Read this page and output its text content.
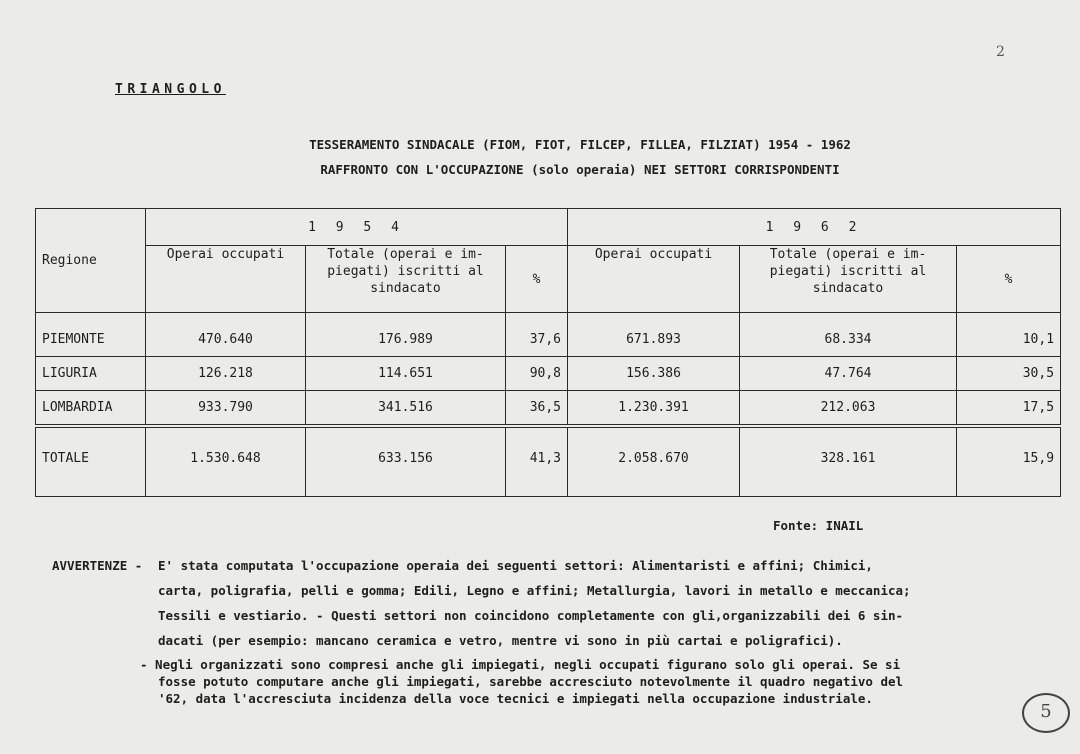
2
TRIANGOLO
TESSERAMENTO SINDACALE (FIOM, FIOT, FILCEP, FILLEA, FILZIAT) 1954 - 1962
RAFFRONTO CON L'OCCUPAZIONE (solo operaia) NEI SETTORI CORRISPONDENTI
Regione	1 9 5 4			1 9 6 2		
	Operai occupati	Totale (operai e im-
piegati) iscritti al
sindacato	%	Operai occupati	Totale (operai e im-
piegati) iscritti al
sindacato	%
PIEMONTE	470.640	176.989	37,6	671.893	68.334	10,1
LIGURIA	126.218	114.651	90,8	156.386	47.764	30,5
LOMBARDIA	933.790	341.516	36,5	1.230.391	212.063	17,5
TOTALE	1.530.648	633.156	41,3	2.058.670	328.161	15,9
Fonte: INAIL
AVVERTENZE - E' stata computata l'occupazione operaia dei seguenti settori: Alimentaristi e affini; Chimici,
carta, poligrafia, pelli e gomma; Edili, Legno e affini; Metallurgia, lavori in metallo e meccanica;
Tessili e vestiario. - Questi settori non coincidono completamente con gli,organizzabili dei 6 sin-
dacati (per esempio: mancano ceramica e vetro, mentre vi sono in più cartai e poligrafici).
- Negli organizzati sono compresi anche gli impiegati, negli occupati figurano solo gli operai. Se si
fosse potuto computare anche gli impiegati, sarebbe accresciuto notevolmente il quadro negativo del
'62, data l'accresciuta incidenza della voce tecnici e impiegati nella occupazione industriale.
5
